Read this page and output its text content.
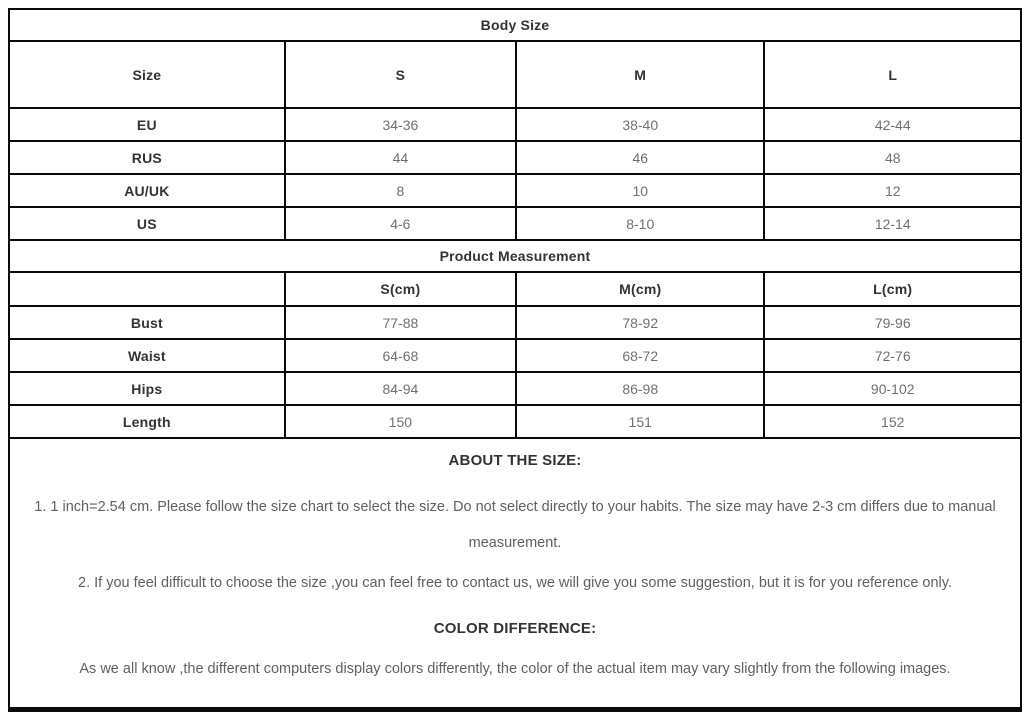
Body Size			
Size	S	M	L
EU	34-36	38-40	42-44
RUS	44	46	48
AU/UK	8	10	12
US	4-6	8-10	12-14
Product Measurement			
	S(cm)	M(cm)	L(cm)
Bust	77-88	78-92	79-96
Waist	64-68	68-72	72-76
Hips	84-94	86-98	90-102
Length	150	151	152
ABOUT THE SIZE:

1. 1 inch=2.54 cm. Please follow the size chart to select the size. Do not select directly to your habits. The size may have 2-3 cm differs due to manual measurement.

2. If you feel difficult to choose the size ,you can feel free to contact us, we will give you some suggestion, but it is for you reference only.

COLOR DIFFERENCE:

As we all know ,the different computers display colors differently, the color of the actual item may vary slightly from the following images.
